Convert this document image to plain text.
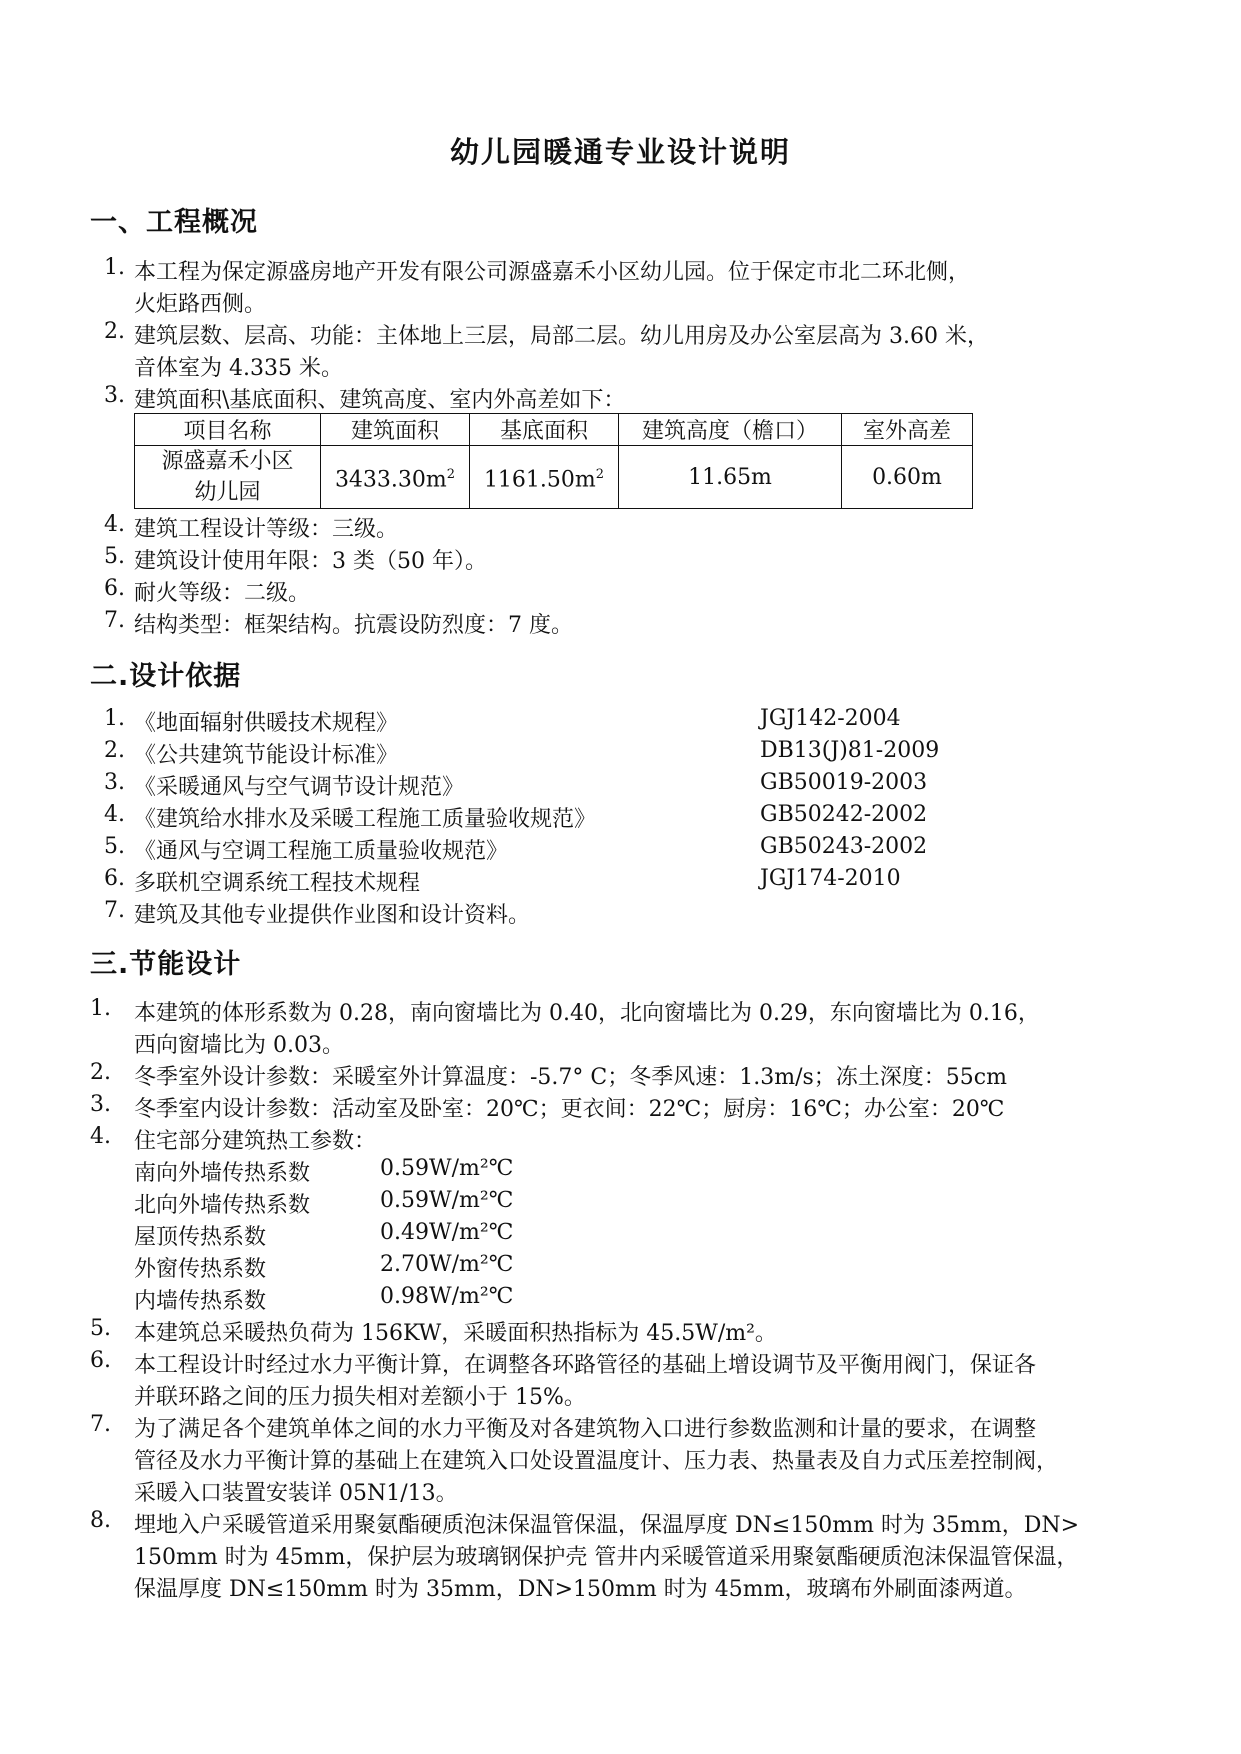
幼儿园暖通专业设计说明
一、工程概况
1. 本工程为保定源盛房地产开发有限公司源盛嘉禾小区幼儿园。位于保定市北二环北侧，
火炬路西侧。
2. 建筑层数、层高、功能：主体地上三层，局部二层。幼儿用房及办公室层高为 3.60 米，
音体室为 4.335 米。
3. 建筑面积\基底面积、建筑高度、室内外高差如下：
项目名称	建筑面积	基底面积	建筑高度（檐口）	室外高差

源盛嘉禾小区
幼儿园	$3433.30m^2$	$1161.50m^2$	11.65m	0.60m
4. 建筑工程设计等级：三级。
5. 建筑设计使用年限：3 类（50 年）。
6. 耐火等级：二级。
7. 结构类型：框架结构。抗震设防烈度：7 度。
二.设计依据
1. 《地面辐射供暖技术规程》	JGJ142-2004
2. 《公共建筑节能设计标准》	DB13(J)81-2009
3. 《采暖通风与空气调节设计规范》	GB50019-2003
4. 《建筑给水排水及采暖工程施工质量验收规范》	GB50242-2002
5. 《通风与空调工程施工质量验收规范》	GB50243-2002
6. 多联机空调系统工程技术规程	JGJ174-2010
7. 建筑及其他专业提供作业图和设计资料。
三.节能设计
1. 本建筑的体形系数为 0.28，南向窗墙比为 0.40，北向窗墙比为 0.29，东向窗墙比为 0.16，
西向窗墙比为 0.03。
2. 冬季室外设计参数：采暖室外计算温度：-5.7° C；冬季风速：1.3m/s；冻土深度：55cm
3. 冬季室内设计参数：活动室及卧室：20℃；更衣间：22℃；厨房：16℃；办公室：20℃
4. 住宅部分建筑热工参数：
南向外墙传热系数	0.59W/m²℃
北向外墙传热系数	0.59W/m²℃
屋顶传热系数	0.49W/m²℃
外窗传热系数	2.70W/m²℃
内墙传热系数	0.98W/m²℃
5. 本建筑总采暖热负荷为 156KW，采暖面积热指标为 45.5W/m²。
6. 本工程设计时经过水力平衡计算，在调整各环路管径的基础上增设调节及平衡用阀门，保证各
并联环路之间的压力损失相对差额小于 15%。
7. 为了满足各个建筑单体之间的水力平衡及对各建筑物入口进行参数监测和计量的要求，在调整
管径及水力平衡计算的基础上在建筑入口处设置温度计、压力表、热量表及自力式压差控制阀，
采暖入口装置安装详 05N1/13。
8. 埋地入户采暖管道采用聚氨酯硬质泡沫保温管保温，保温厚度 DN≤150mm 时为 35mm，DN>
150mm 时为 45mm，保护层为玻璃钢保护壳 管井内采暖管道采用聚氨酯硬质泡沫保温管保温，
保温厚度 DN≤150mm 时为 35mm，DN>150mm 时为 45mm，玻璃布外刷面漆两道。
